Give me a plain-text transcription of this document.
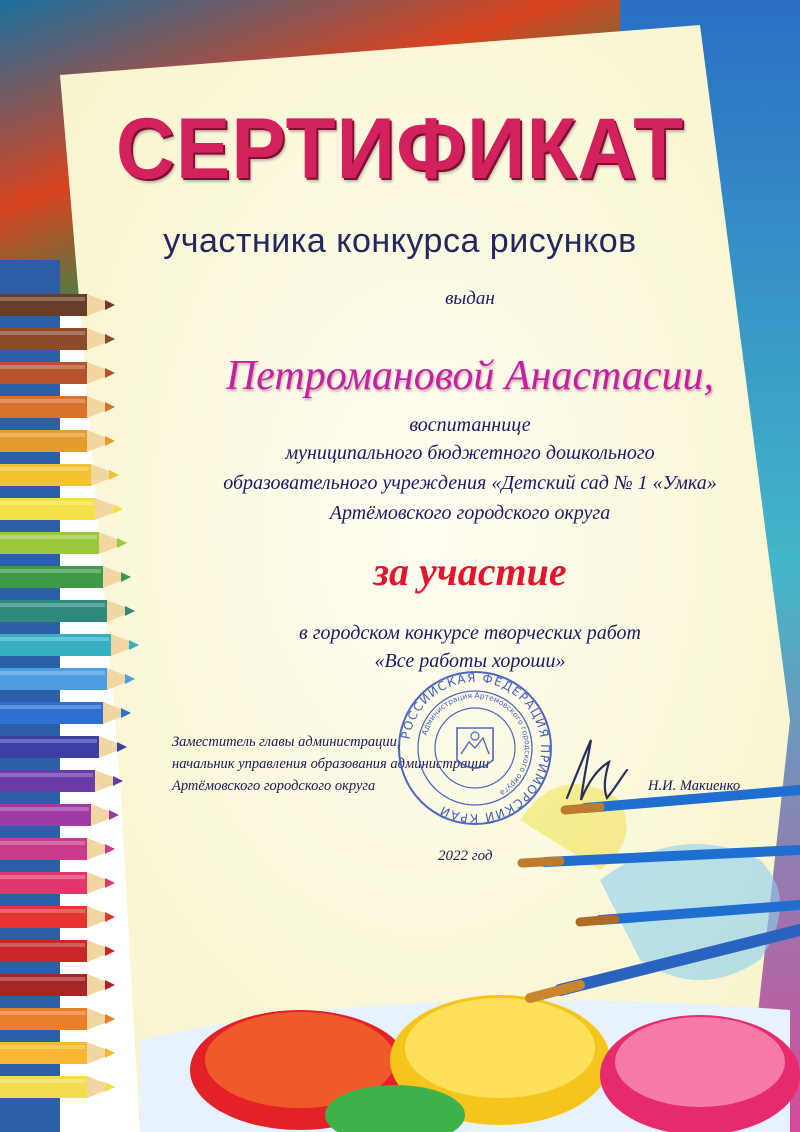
СЕРТИФИКАТ
участника конкурса рисунков
выдан
Петромановой Анастасии,
воспитаннице
муниципального бюджетного дошкольного
образовательного учреждения «Детский сад № 1 «Умка»
Артёмовского городского округа
за участие
в городском конкурсе творческих работ
«Все работы хороши»
Заместитель главы администрации,
начальник управления образования администрации
Артёмовского городского округа	Н.И. Макиенко
2022 год
РОССИЙСКАЯ ФЕДЕРАЦИЯ ПРИМОРСКИЙ КРАЙ
Администрация Артемовского городского округа
